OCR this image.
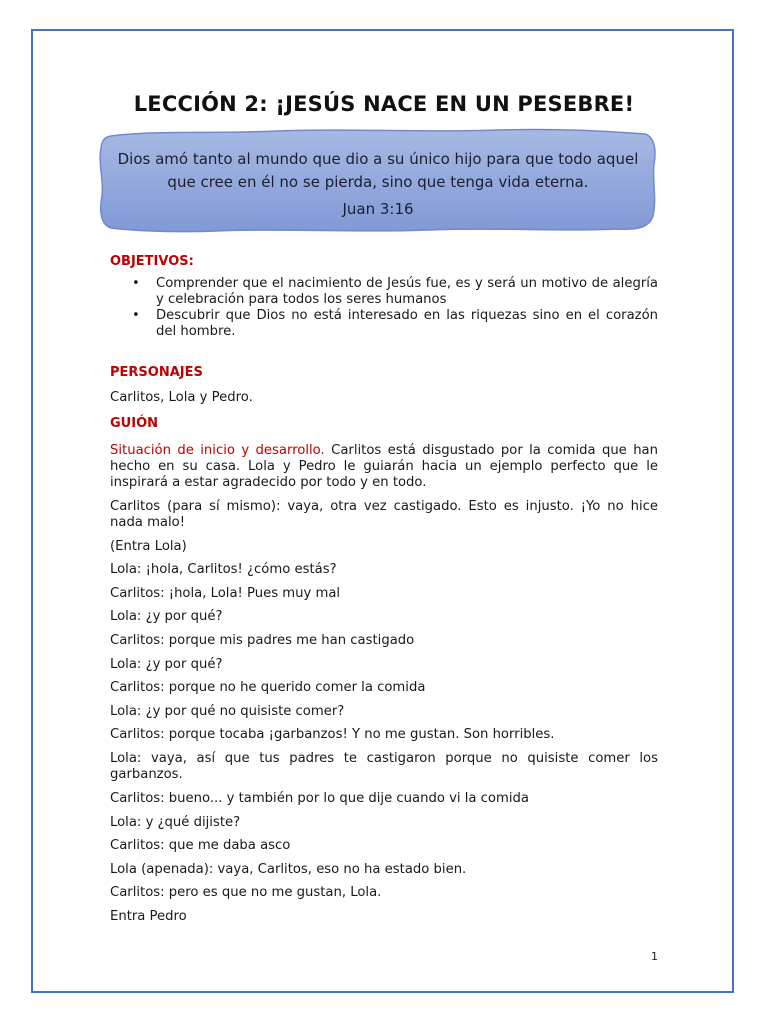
LECCIÓN 2: ¡JESÚS NACE EN UN PESEBRE!
Dios amó tanto al mundo que dio a su único hijo para que todo aquel
que cree en él no se pierda, sino que tenga vida eterna.
Juan 3:16
OBJETIVOS:
• Comprender que el nacimiento de Jesús fue, es y será un motivo de alegría y celebración para todos los seres humanos
• Descubrir que Dios no está interesado en las riquezas sino en el corazón del hombre.
PERSONAJES
Carlitos, Lola y Pedro.
GUIÓN
Situación de inicio y desarrollo. Carlitos está disgustado por la comida que han hecho en su casa. Lola y Pedro le guiarán hacia un ejemplo perfecto que le inspirará a estar agradecido por todo y en todo.
Carlitos (para sí mismo): vaya, otra vez castigado. Esto es injusto. ¡Yo no hice nada malo!
(Entra Lola)
Lola: ¡hola, Carlitos! ¿cómo estás?
Carlitos: ¡hola, Lola! Pues muy mal
Lola: ¿y por qué?
Carlitos: porque mis padres me han castigado
Lola: ¿y por qué?
Carlitos: porque no he querido comer la comida
Lola: ¿y por qué no quisiste comer?
Carlitos: porque tocaba ¡garbanzos! Y no me gustan. Son horribles.
Lola: vaya, así que tus padres te castigaron porque no quisiste comer los garbanzos.
Carlitos: bueno... y también por lo que dije cuando vi la comida
Lola: y ¿qué dijiste?
Carlitos: que me daba asco
Lola (apenada): vaya, Carlitos, eso no ha estado bien.
Carlitos: pero es que no me gustan, Lola.
Entra Pedro
1
